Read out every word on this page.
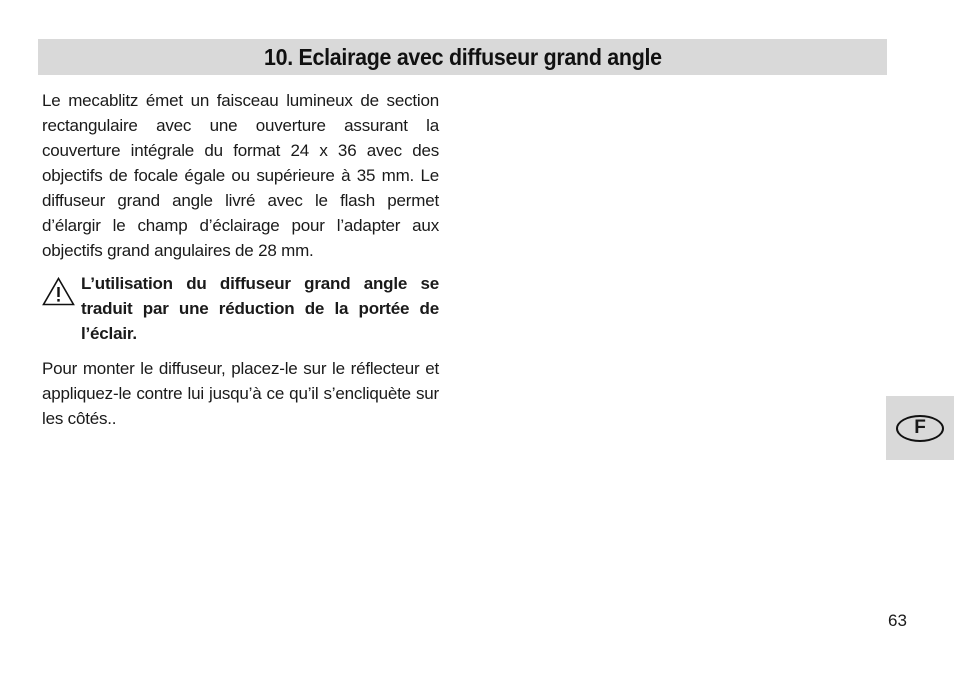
10. Eclairage avec diffuseur grand angle

Le mecablitz émet un faisceau lumineux de section rectangulaire avec une ouverture assurant la couverture intégrale du format 24 x 36 avec des objectifs de focale égale ou supérieure à 35 mm. Le diffuseur grand angle livré avec le flash permet d’élargir le champ d’éclairage pour l’adapter aux objectifs grand angulaires de 28 mm.

L’utilisation du diffuseur grand angle se traduit par une réduction de la portée de l’éclair.

Pour monter le diffuseur, placez-le sur le réflecteur et appliquez-le contre lui jusqu’à ce qu’il s’encliquète sur les côtés..	F
63
